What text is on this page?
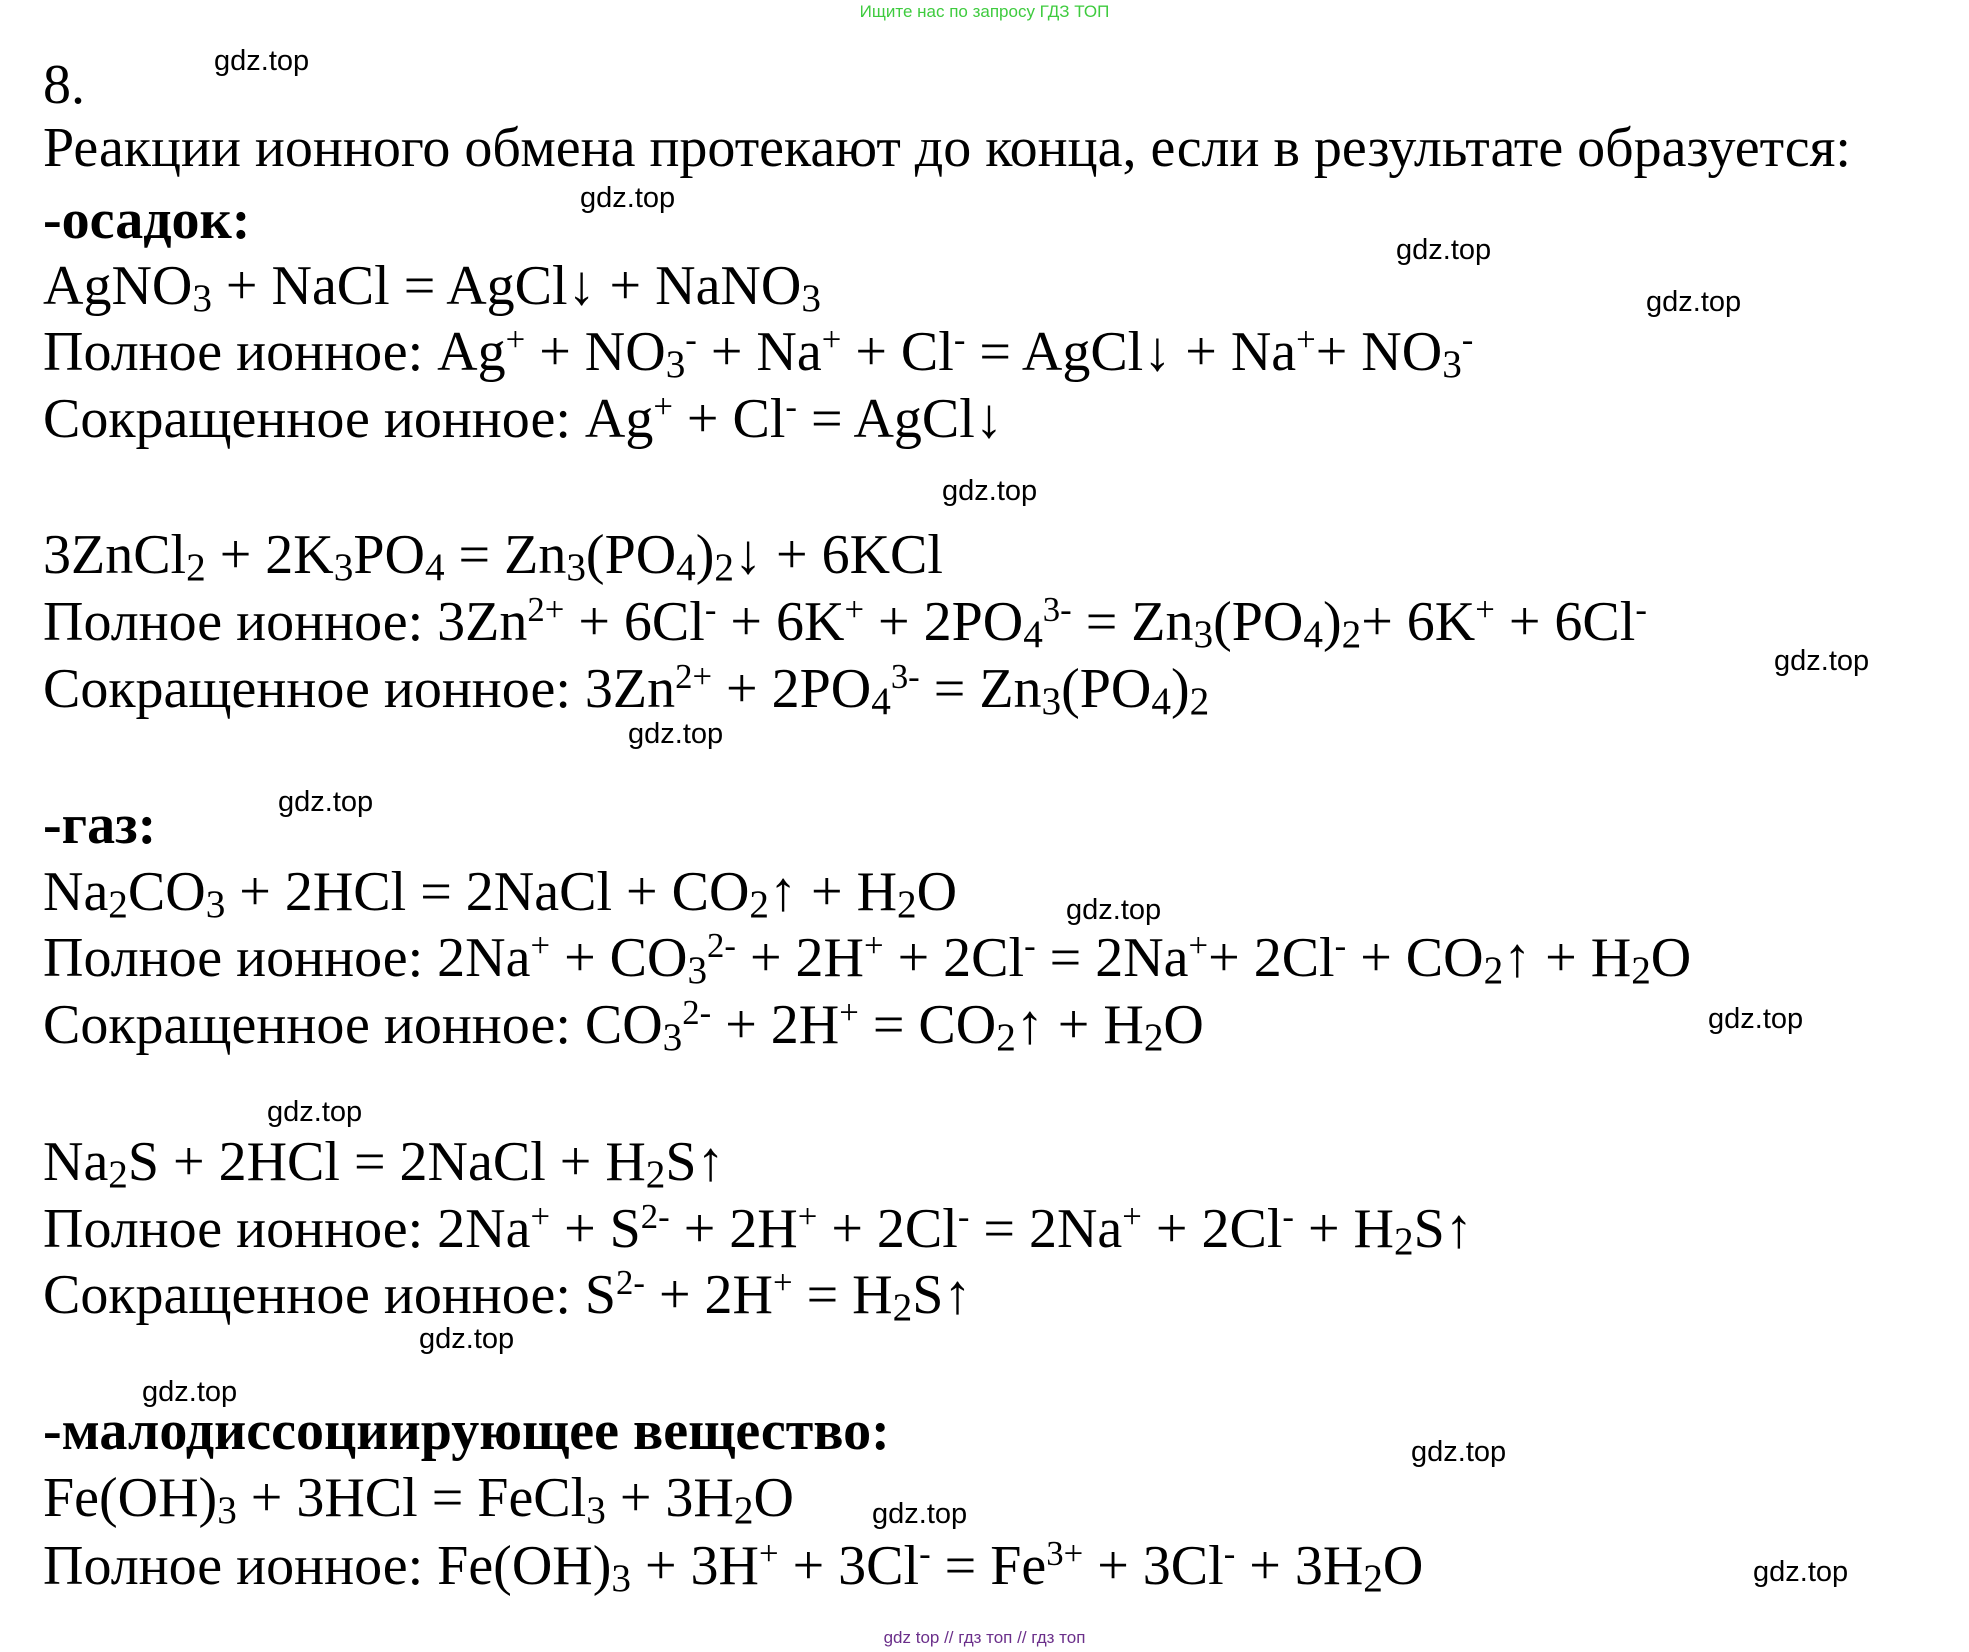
Ищите нас по запросу ГДЗ ТОП
8.
Реакции ионного обмена протекают до конца, если в результате образуется:
-осадок:
AgNO$_3$ + NaCl = AgCl↓ + NaNO$_3$
Полное ионное: $Ag^+ + NO_3^- + Na^+ + Cl^-$ = AgCl↓ + $Na^++ NO_3^-$
Сокращенное ионное: Ag+ + Cl- = AgCl↓
3ZnCl$_2$ + $2K_3PO_4$ = $Zn_3(PO_4)_2↓ + 6KCl$
Полное ионное: $3Zn^{2+} + 6Cl^- + 6K^+ + 2PO_4^{3-} = Zn_3(PO_4)_2+ 6K^+ + 6Cl^-$
Сокращенное ионное: $3Zn^{2+} + 2PO_4^{3-} = Zn_3(PO_4)_2$
-газ:
$Na_2CO_3 + 2HCl$ = 2NaCl + $CO_2↑ + H_2O$
Полное ионное: $2Na^+ + CO_3^{2-} + 2H^+ + 2Cl^- = 2Na^++ 2Cl^-$ + $CO_2↑ + H_2O$
Сокращенное ионное: $CO_3^{2-} + 2H^+$ = $CO_2↑ + H_2O$
$Na_2S + 2HCl$ = 2NaCl + $H_2S↑$
Полное ионное: $2Na^+ + S^{2-} + 2H^+ + 2Cl^- = 2Na^+ + 2Cl^-$ + $H_2S↑$
Сокращенное ионное: $S^{2-} + 2H^+$ = $H_2S↑$
-малодиссоциирующее вещество:
$Fe(OH)_3 + 3HCl$ = FeCl$_3$ + $3H_2O$
Полное ионное: $Fe(OH)_3 + 3H^+ + 3Cl^- = Fe^{3+} + 3Cl^- + 3H_2O$
gdz.top
gdz.top
gdz.top
gdz.top
gdz.top
gdz.top
gdz.top
gdz.top
gdz.top
gdz.top
gdz.top
gdz.top
gdz.top
gdz.top
gdz.top
gdz.top
gdz top // гдз топ // гдз топ
